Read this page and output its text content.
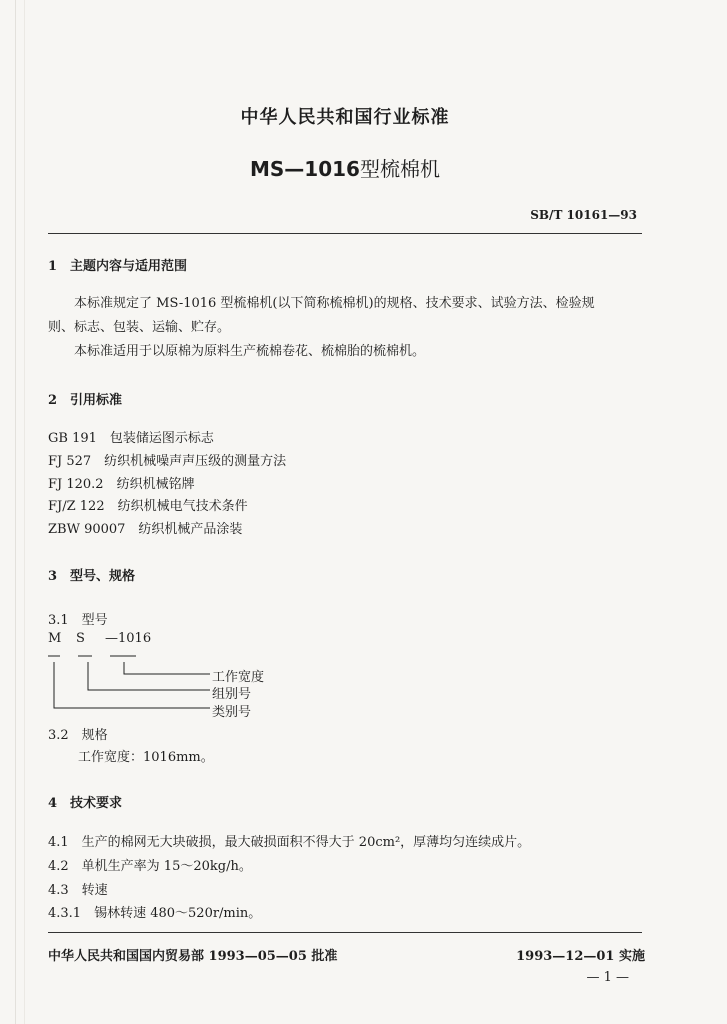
中华人民共和国行业标准
MS—1016型梳棉机
SB/T 10161—93
1　主题内容与适用范围
本标准规定了 MS-1016 型梳棉机(以下简称梳棉机)的规格、技术要求、试验方法、检验规
则、标志、包装、运输、贮存。
本标准适用于以原棉为原料生产梳棉卷花、梳棉胎的梳棉机。
2　引用标准
GB 191　包装储运图示标志
FJ 527　纺织机械噪声声压级的测量方法
FJ 120.2　纺织机械铭牌
FJ/Z 122　纺织机械电气技术条件
ZBW 90007　纺织机械产品涂装
3　型号、规格
3.1　型号
M S —1016
工作宽度
组别号
类别号
3.2　规格
工作宽度：1016mm。
4　技术要求
4.1　生产的棉网无大块破损，最大破损面积不得大于 20cm²，厚薄均匀连续成片。
4.2　单机生产率为 15～20kg/h。
4.3　转速
4.3.1　锡林转速 480～520r/min。
中华人民共和国国内贸易部 1993—05—05 批准	1993—12—01 实施
— 1 —
